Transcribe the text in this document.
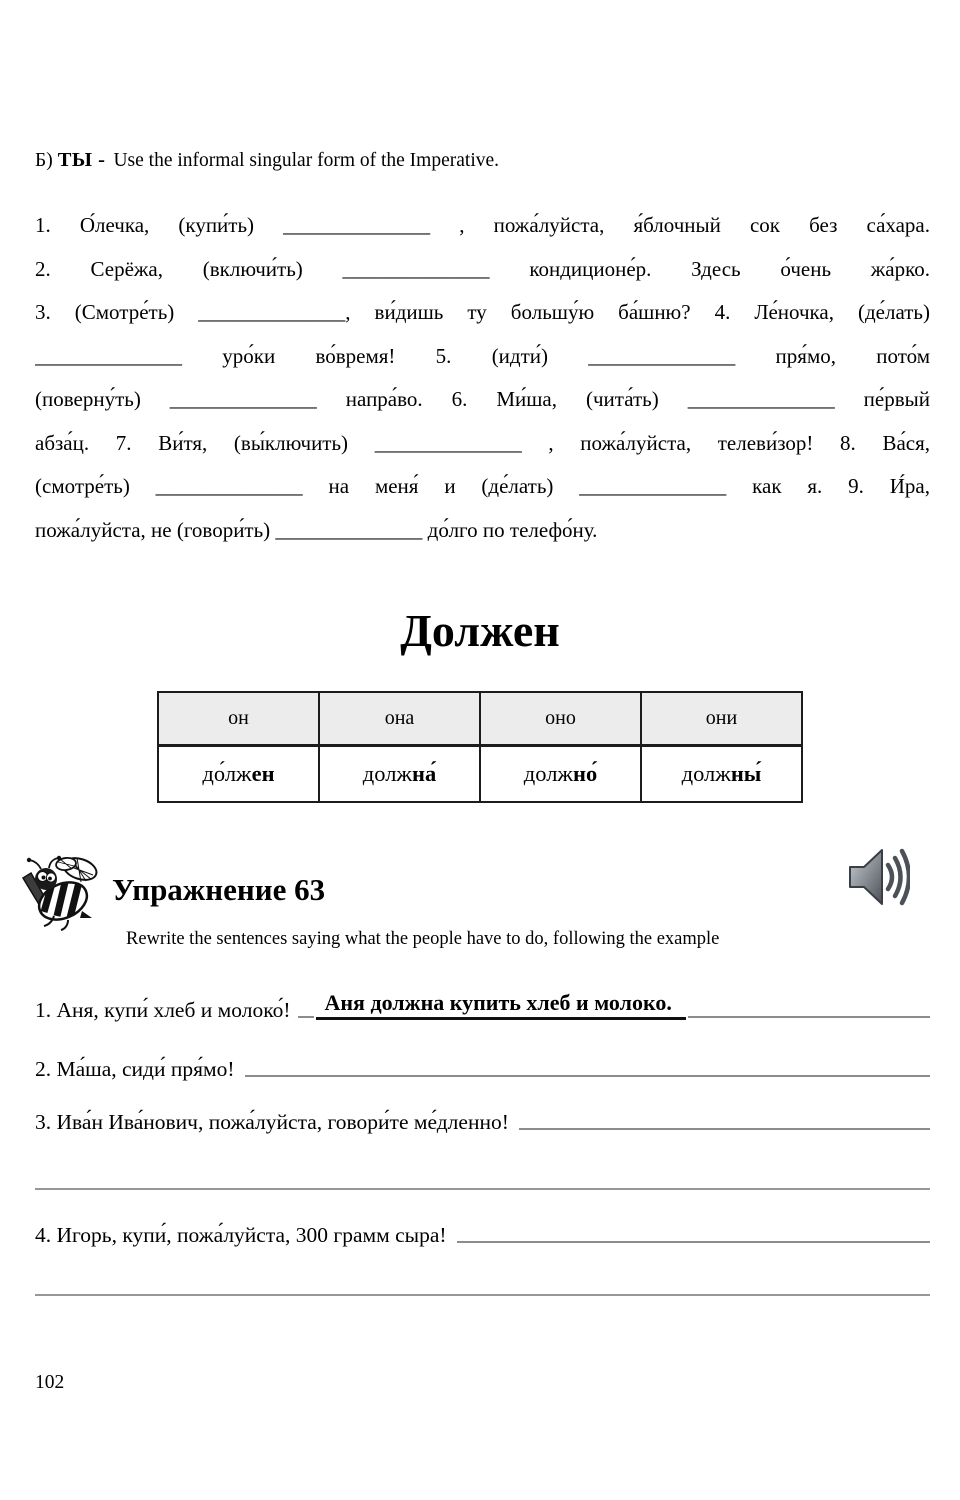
Б) ТЫ - Use the informal singular form of the Imperative.
1. О́лечка, (купи́ть) ______________ , пожа́луйста, я́блочный сок без са́хара.
2. Серёжа, (включи́ть) ______________ кондиционе́р. Здесь о́чень жа́рко.
3. (Смотре́ть) ______________, ви́дишь ту большу́ю ба́шню? 4. Ле́ночка, (де́лать)
______________ уро́ки во́время! 5. (идти́) ______________ пря́мо, пото́м
(поверну́ть) ______________ напра́во. 6. Ми́ша, (чита́ть) ______________ пе́рвый
абза́ц. 7. Ви́тя, (вы́ключить) ______________ , пожа́луйста, телеви́зор! 8. Ва́ся,
(смотре́ть) ______________ на меня́ и (де́лать) ______________ как я. 9. И́ра,
пожа́луйста, не (говори́ть) ______________ до́лго по телефо́ну.
Должен
он	она	оно	они
до́лжен	должна́	должно́	должны́
Упражнение 63
Rewrite the sentences saying what the people have to do, following the example
1. Аня, купи́ хлеб и молоко́!	Аня должна купить хлеб и молоко.
2. Ма́ша, сиди́ пря́мо!
3. Ива́н Ива́нович, пожа́луйста, говори́те ме́дленно!
4. Игорь, купи́, пожа́луйста, 300 грамм сыра!
102
